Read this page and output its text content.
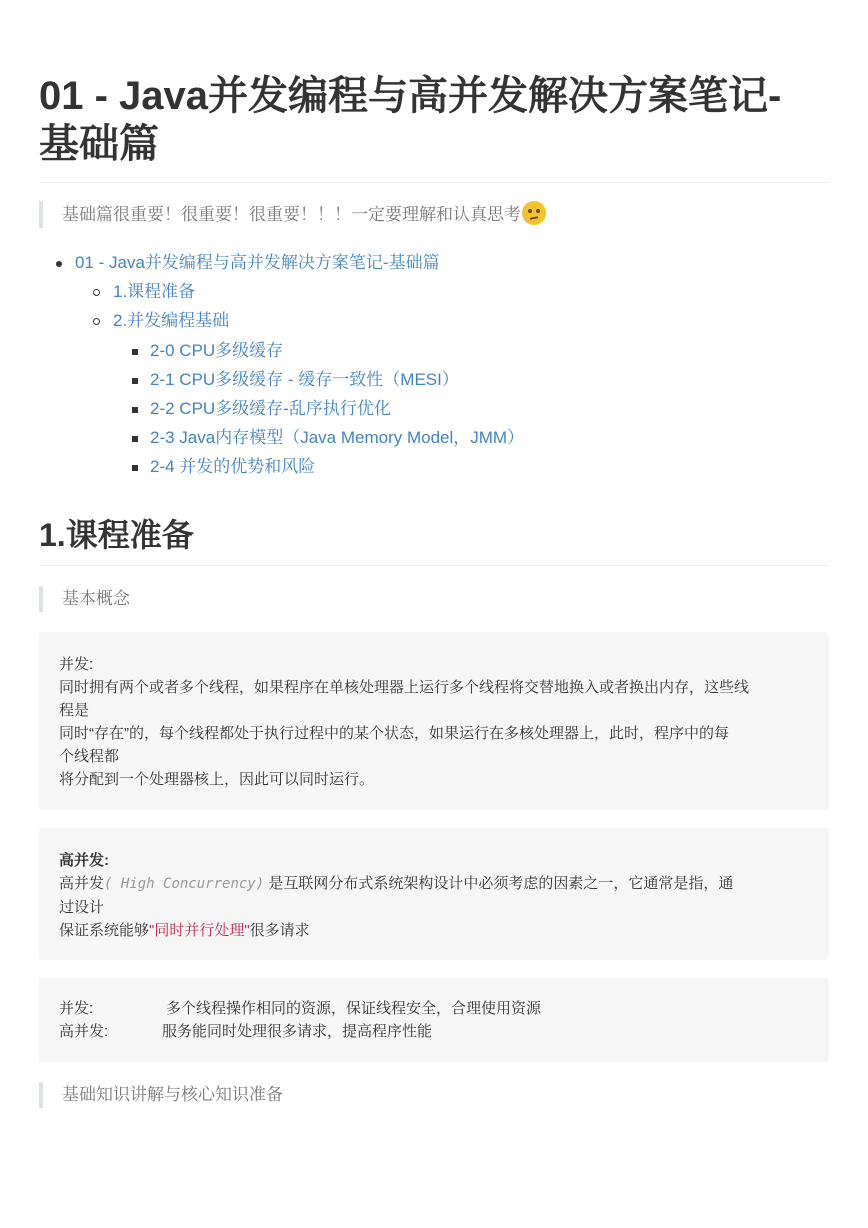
01 - Java并发编程与高并发解决方案笔记-
基础篇
基础篇很重要！很重要！很重要！！！一定要理解和认真思考
01 - Java并发编程与高并发解决方案笔记-基础篇
1.课程准备
2.并发编程基础
2-0 CPU多级缓存
2-1 CPU多级缓存 - 缓存一致性（MESI）
2-2 CPU多级缓存-乱序执行优化
2-3 Java内存模型（Java Memory Model，JMM）
2-4 并发的优势和风险
1.课程准备
基本概念
并发:
同时拥有两个或者多个线程，如果程序在单核处理器上运行多个线程将交替地换入或者换出内存，这些线
程是
同时“存在”的，每个线程都处于执行过程中的某个状态，如果运行在多核处理器上，此时，程序中的每
个线程都
将分配到一个处理器核上，因此可以同时运行。
高并发:
高并发( High Concurrency) 是互联网分布式系统架构设计中必须考虑的因素之一，它通常是指，通
过设计
保证系统能够"同时并行处理"很多请求
并发:	多个线程操作相同的资源，保证线程安全，合理使用资源
高并发:	服务能同时处理很多请求，提高程序性能
基础知识讲解与核心知识准备
